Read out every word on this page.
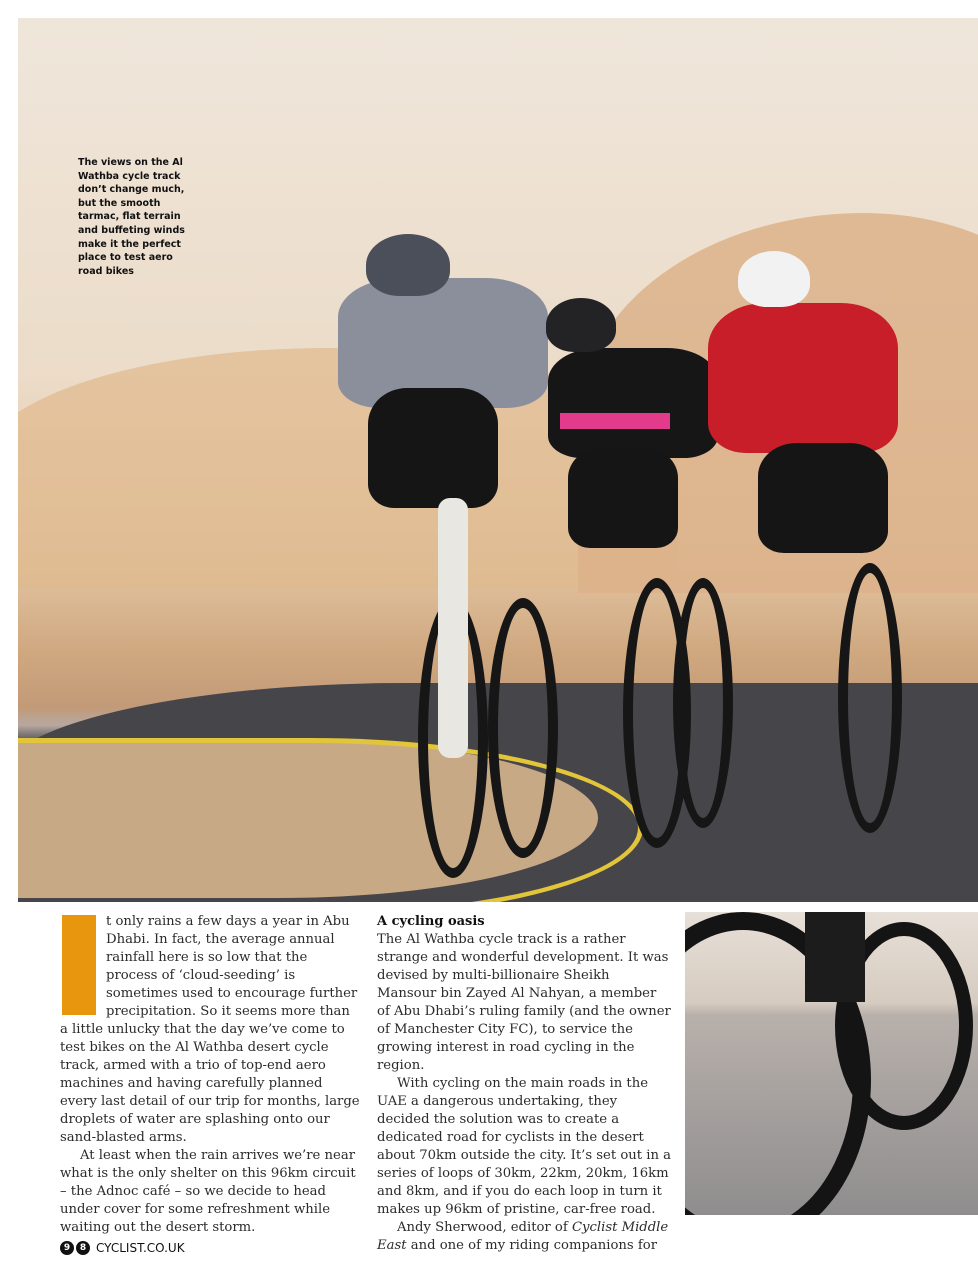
The views on the Al Wathba cycle track don’t change much, but the smooth tarmac, flat terrain and buffeting winds make it the perfect place to test aero road bikes

t only rains a few days a year in Abu Dhabi. In fact, the average annual rainfall here is so low that the process of ‘cloud-seeding’ is sometimes used to encourage further precipitation. So it seems more than a little unlucky that the day we’ve come to test bikes on the Al Wathba desert cycle track, armed with a trio of top-end aero machines and having carefully planned every last detail of our trip for months, large droplets of water are splashing onto our sand-blasted arms.

At least when the rain arrives we’re near what is the only shelter on this 96km circuit – the Adnoc café – so we decide to head under cover for some refreshment while waiting out the desert storm.

A cycling oasis

The Al Wathba cycle track is a rather strange and wonderful development. It was devised by multi-billionaire Sheikh Mansour bin Zayed Al Nahyan, a member of Abu Dhabi’s ruling family (and the owner of Manchester City FC), to service the growing interest in road cycling in the region.

With cycling on the main roads in the UAE a dangerous undertaking, they decided the solution was to create a dedicated road for cyclists in the desert about 70km outside the city. It’s set out in a series of loops of 30km, 22km, 20km, 16km and 8km, and if you do each loop in turn it makes up 96km of pristine, car-free road.

Andy Sherwood, editor of Cyclist Middle East and one of my riding companions for

9	8 CYCLIST.CO.UK
